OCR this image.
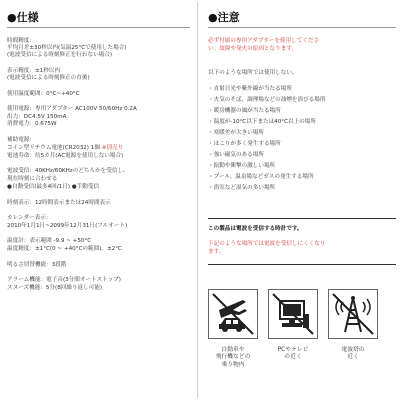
●仕様
時間精度：
平均月差±30秒以内(気温25°Cで使用した場合)
(電波受信による時刻修正を行わない場合)
表示精度：±1秒以内
(電波受信による時刻修正の直後)
使用温度範囲：0°C~+40°C
使用電源：専用アダプター AC100V 50/60Hz 0.2A
出力：DC4.5V 150mA
消費電力：0.675W
補助電源：
コイン型リチウム電池(CR2032) 1個 ※別売り
電池寿命：約5カ月(AC電源を使用しない場合)
電波受信：40KHz/60KHzのどちらかを受信し、
現在時刻に合わせる
●自動受信(最多4回/1日) ●手動受信
時刻表示：12時間表示または24時間表示
カレンダー表示：
2010年1月1日~2099年12月31日(フルオート)
温度計：表示範囲 -9.9 ~ +50°C
温度精度：±1°C(0 ~ +40°Cの範囲)、±2°C
明るさ切替機能：3段階
アラーム機能：電子音(3分間オートストップ)
スヌーズ機能：5分(8回繰り返し可能)
●注意
必ず付属の専用アダプターを使用してくださ
い。故障や発火の原因となります。
以下のような場所では使用しない。
・直射日光や紫外線が当たる場所
・火気のそば、調理場などの油煙を浴びる場所
・暖房機器の風が当たる場所
・温度が-10°C以下または40°C以上の場所
・寒暖差が大きい場所
・ほこりが多く発生する場所
・強い磁気のある場所
・振動や衝撃の激しい場所
・プール、温泉場などガスの発生する場所
・浴室など湿気の多い場所
この製品は電波を受信する時計です。
下記のような場所では電波を受信しにくくなり
ます。
自動車や
飛行機などの
乗り物内
PCやテレビ
の近く
電波塔の
近く
